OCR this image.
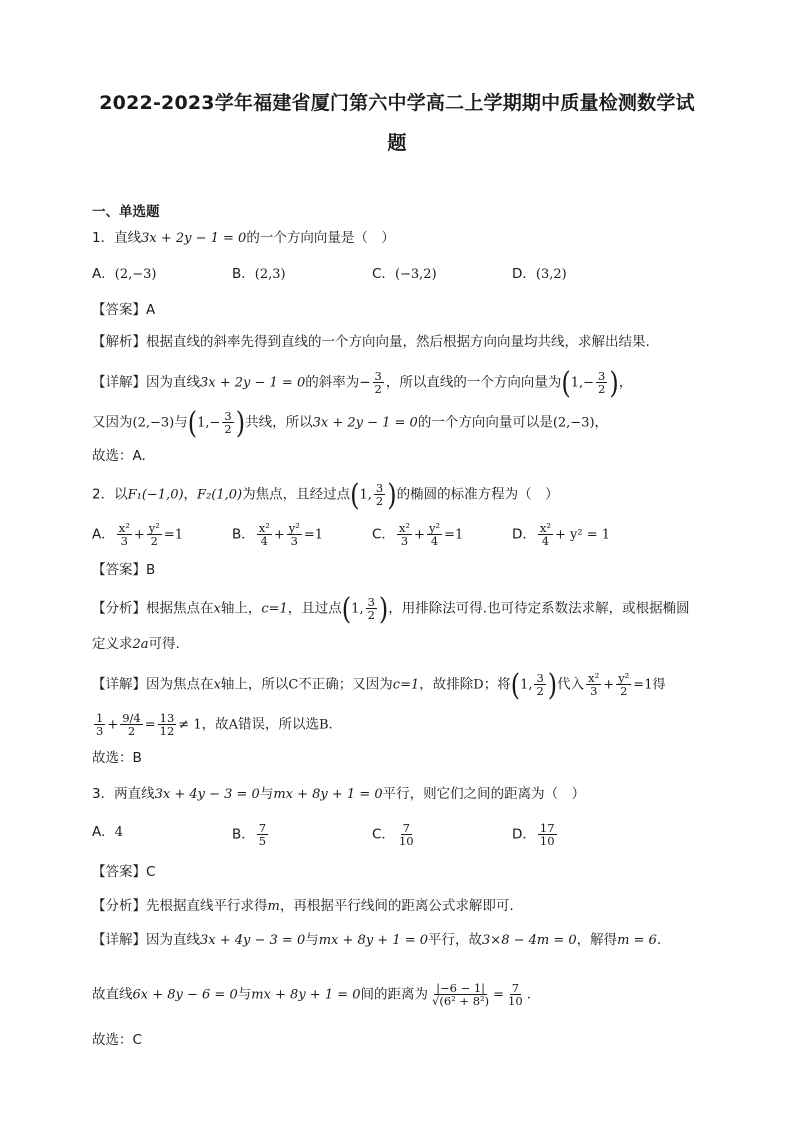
2022-2023学年福建省厦门第六中学高二上学期期中质量检测数学试
题
一、单选题
1．直线3x + 2y − 1 = 0的一个方向向量是（　）
A．(2,−3)	B．(2,3)	C．(−3,2)	D．(3,2)
【答案】A
【解析】根据直线的斜率先得到直线的一个方向向量，然后根据方向向量均共线，求解出结果.
【详解】因为直线3x + 2y − 1 = 0的斜率为− $\frac{3}{2}$ ，所以直线的一个方向向量为($1,- \frac{3}{2}$ )，
又因为(2,−3)与($1,- \frac{3}{2}$ )共线，所以3x + 2y − 1 = 0的一个方向向量可以是(2,−3)，
故选：A.
2．以F₁(−1,0)，F₂(1,0)为焦点，且经过点(1, $\frac{3}{2}$ )的椭圆的标准方程为（　）
A． $\frac{\text{x²}}{3} + \frac{\text{y²}}{2} =1$	B． $\frac{\text{x²}}{4} + \frac{\text{y²}}{3} =1$	C． $\frac{\text{x²}}{3} + \frac{\text{y²}}{4} =1$	D． $\frac{\text{x²}}{4} + y^2 = 1$
【答案】B
【分析】根据焦点在x轴上，c=1，且过点(1, $\frac{3}{2}$ )，用排除法可得.也可待定系数法求解，或根据椭圆
定义求2a可得.
【详解】因为焦点在x轴上，所以C不正确；又因为c=1，故排除D；将(1, $\frac{3}{2}$ )代入 $\frac{\text{x²}}{3} + \frac{\text{y²}}{2} =1$得
$\frac{1}{3} + \frac{9/4}{2} = \frac{13}{12} \ne 1$，故A错误，所以选B.
故选：B
3．两直线3x + 4y − 3 = 0与mx + 8y + 1 = 0平行，则它们之间的距离为（　）
A．4	B． $\frac{7}{5}$	C． $\frac{7}{10}$	D． $\frac{17}{10}$
【答案】C
【分析】先根据直线平行求得m，再根据平行线间的距离公式求解即可.
【详解】因为直线3x + 4y − 3 = 0与mx + 8y + 1 = 0平行，故3×8 − 4m = 0，解得m = 6.
故直线6x + 8y − 6 = 0与mx + 8y + 1 = 0间的距离为 $\frac{|-6 - 1|}{\text{√(6² + 8²)}} = \frac{7}{10}$ .
故选：C
